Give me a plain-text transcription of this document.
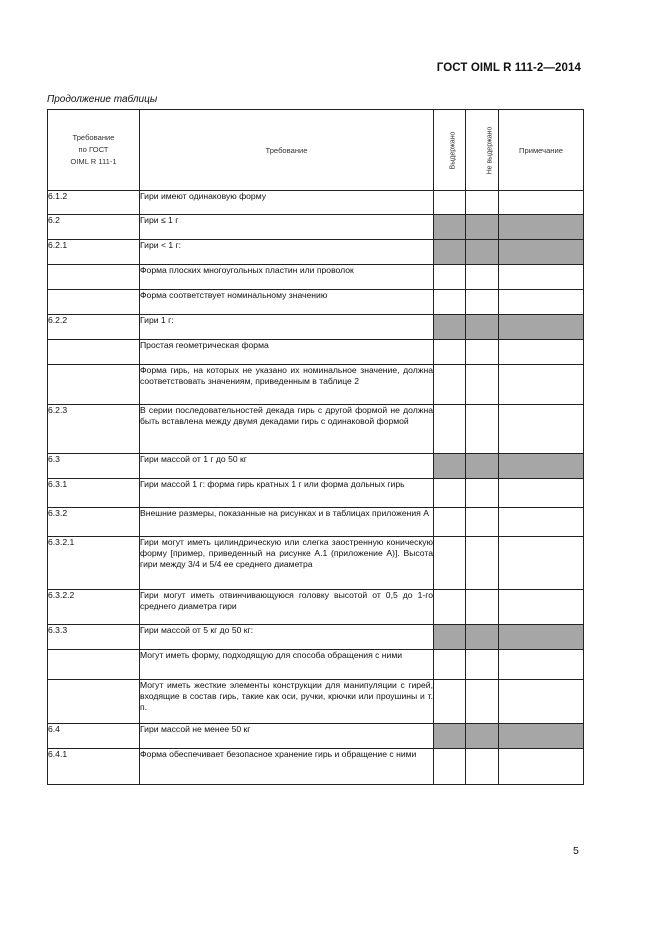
ГОСТ OIML R 111-2—2014
Продолжение таблицы
Требование
по ГОСТ
OIML R 111-1	Требование	Выдержано	Не выдержано	Примечание
6.1.2	Гири имеют одинаковую форму			
6.2	Гири ≤ 1 г			
6.2.1	Гири < 1 г:			
	Форма плоских многоугольных пластин или проволок			
	Форма соответствует номинальному значению			
6.2.2	Гири 1 г:			
	Простая геометрическая форма			
	Форма гирь, на которых не указано их номинальное значение, должна соответствовать значениям, приведенным в таблице 2			
6.2.3	В серии последовательностей декада гирь с другой формой не должна быть вставлена между двумя декадами гирь с одинаковой формой			
6.3	Гири массой от 1 г до 50 кг			
6.3.1	Гири массой 1 г: форма гирь кратных 1 г или форма дольных гирь			
6.3.2	Внешние размеры, показанные на рисунках и в таблицах приложения А			
6.3.2.1	Гири могут иметь цилиндрическую или слегка заостренную коническую форму [пример, приведенный на рисунке А.1 (приложение А)]. Высота гири между 3/4 и 5/4 ее среднего диаметра			
6.3.2.2	Гири могут иметь отвинчивающуюся головку высотой от 0,5 до 1-го среднего диаметра гири			
6.3.3	Гири массой от 5 кг до 50 кг:			
	Могут иметь форму, подходящую для способа обращения с ними			
	Могут иметь жесткие элементы конструкции для манипуляции с гирей, входящие в состав гирь, такие как оси, ручки, крючки или проушины и т. п.			
6.4	Гири массой не менее 50 кг			
6.4.1	Форма обеспечивает безопасное хранение гирь и обращение с ними			
5
